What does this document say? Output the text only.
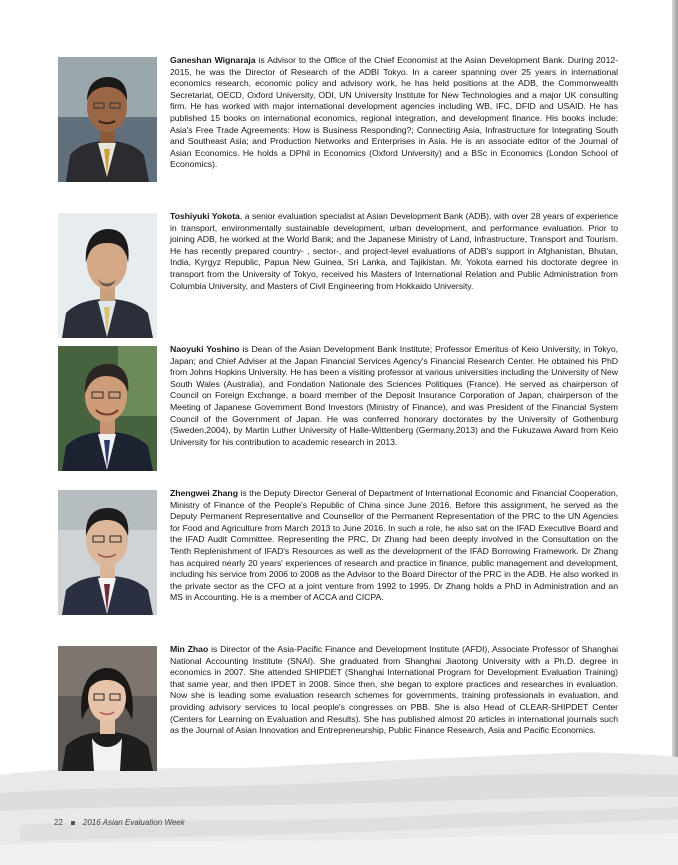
Ganeshan Wignaraja is Advisor to the Office of the Chief Economist at the Asian Development Bank. During 2012-2015, he was the Director of Research of the ADBI Tokyo. In a career spanning over 25 years in international economics research, economic policy and advisory work, he has held positions at the ADB, the Commonwealth Secretariat, OECD, Oxford University, ODI, UN University Institute for New Technologies and a major UK consulting firm. He has worked with major international development agencies including WB, IFC, DFID and USAID. He has published 15 books on international economics, regional integration, and development finance. His books include: Asia's Free Trade Agreements: How is Business Responding?; Connecting Asia, Infrastructure for Integrating South and Southeast Asia; and Production Networks and Enterprises in Asia. He is an associate editor of the Journal of Asian Economics. He holds a DPhil in Economics (Oxford University) and a BSc in Economics (London School of Economics).

Toshiyuki Yokota, a senior evaluation specialist at Asian Development Bank (ADB), with over 28 years of experience in transport, environmentally sustainable development, urban development, and performance evaluation. Prior to joining ADB, he worked at the World Bank; and the Japanese Ministry of Land, Infrastructure, Transport and Tourism. He has recently prepared country- , sector-, and project-level evaluations of ADB's support in Afghanistan, Bhutan, India, Kyrgyz Republic, Papua New Guinea, Sri Lanka, and Tajikistan. Mr. Yokota earned his doctorate degree in transport from the University of Tokyo, received his Masters of International Relation and Public Administration from Columbia University, and Masters of Civil Engineering from Hokkaido University.

Naoyuki Yoshino is Dean of the Asian Development Bank Institute; Professor Emeritus of Keio University, in Tokyo, Japan; and Chief Adviser at the Japan Financial Services Agency's Financial Research Center. He obtained his PhD from Johns Hopkins University. He has been a visiting professor at various universities including the University of New South Wales (Australia), and Fondation Nationale des Sciences Politiques (France). He served as chairperson of Council on Foreign Exchange, a board member of the Deposit Insurance Corporation of Japan, chairperson of the Meeting of Japanese Government Bond Investors (Ministry of Finance), and was President of the Financial System Council of the Government of Japan. He was conferred honorary doctorates by the University of Gothenburg (Sweden,2004), by Martin Luther University of Halle-Wittenberg (Germany,2013) and the Fukuzawa Award from Keio University for his contribution to academic research in 2013.

Zhengwei Zhang is the Deputy Director General of Department of International Economic and Financial Cooperation, Ministry of Finance of the People's Republic of China since June 2016. Before this assignment, he served as the Deputy Permanent Representative and Counsellor of the Permanent Representation of the PRC to the UN Agencies for Food and Agriculture from March 2013 to June 2016. In such a role, he also sat on the IFAD Executive Board and the IFAD Audit Committee. Representing the PRC, Dr Zhang had been deeply involved in the Consultation on the Tenth Replenishment of IFAD's Resources as well as the development of the IFAD Borrowing Framework. Dr Zhang has acquired nearly 20 years' experiences of research and practice in finance, public management and development, including his service from 2006 to 2008 as the Advisor to the Board Director of the PRC in the ADB. He also worked in the private sector as the CFO at a joint venture from 1992 to 1995. Dr Zhang holds a PhD in Administration and an MS in Accounting. He is a member of ACCA and CICPA.

Min Zhao is Director of the Asia-Pacific Finance and Development Institute (AFDI), Associate Professor of Shanghai National Accounting Institute (SNAI). She graduated from Shanghai Jiaotong University with a Ph.D. degree in economics in 2007. She attended SHIPDET (Shanghai International Program for Development Evaluation Training) that same year, and then IPDET in 2008. Since then, she began to explore practices and researches in evaluation. Now she is leading some evaluation research schemes for governments, training professionals in evaluation, and providing advisory services to local people's congresses on PBB. She is also Head of CLEAR-SHIPDET Center (Centers for Learning on Evaluation and Results). She has published almost 20 articles in international journals such as the Journal of Asian Innovation and Entrepreneurship, Public Finance Research, Asia and Pacific Economics.

22	2016 Asian Evaluation Week
